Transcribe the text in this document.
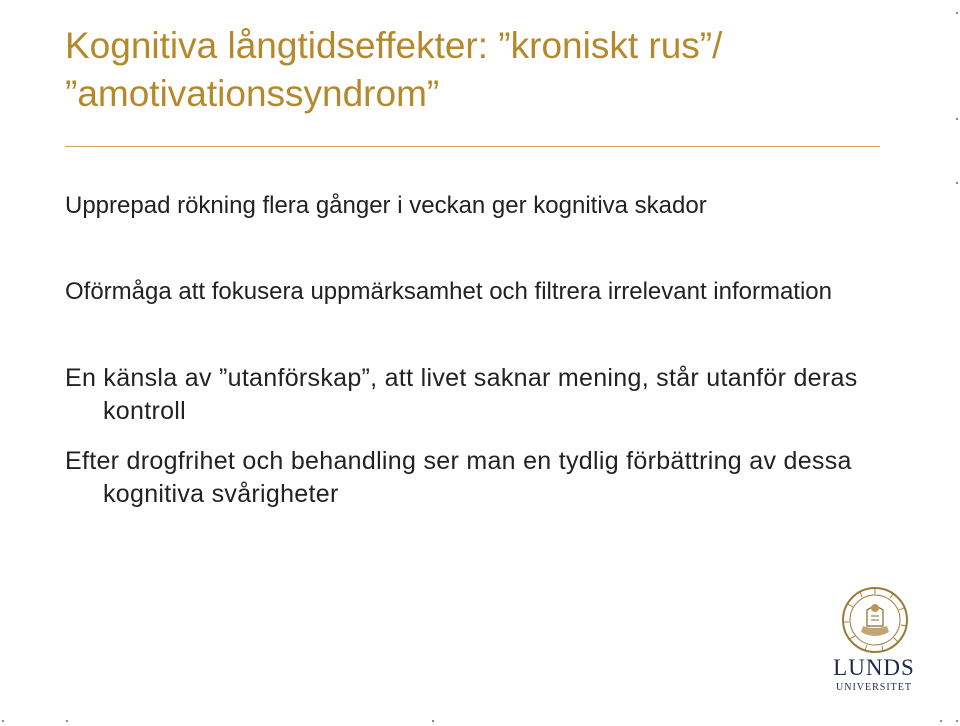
Kognitiva långtidseffekter: ”kroniskt rus”/ ”amotivationssyndrom”
Upprepad rökning flera gånger i veckan ger kognitiva skador
Oförmåga att fokusera uppmärksamhet och filtrera irrelevant information
En känsla av ”utanförskap”, att livet saknar mening, står utanför deras kontroll
Efter drogfrihet och behandling ser man en tydlig förbättring av dessa kognitiva svårigheter
LUNDS
UNIVERSITET
